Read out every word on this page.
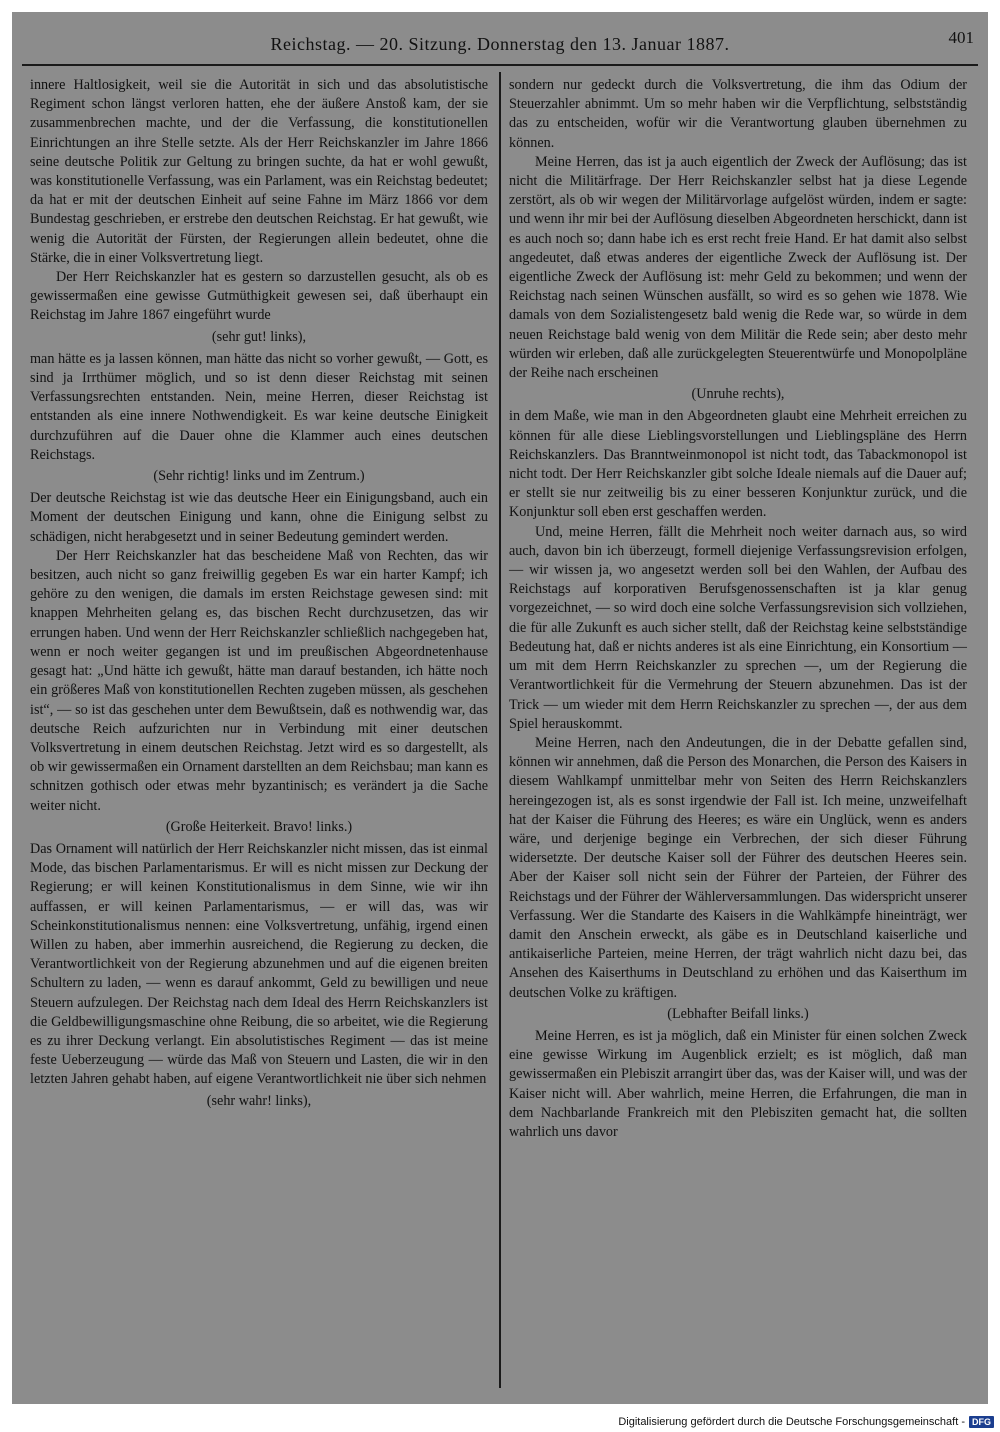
Reichstag. — 20. Sitzung. Donnerstag den 13. Januar 1887.	401

innere Haltlosigkeit, weil sie die Autorität in sich und das absolutistische Regiment schon längst verloren hatten, ehe der äußere Anstoß kam, der sie zusammenbrechen machte, und der die Verfassung, die konstitutionellen Einrichtungen an ihre Stelle setzte. Als der Herr Reichskanzler im Jahre 1866 seine deutsche Politik zur Geltung zu bringen suchte, da hat er wohl gewußt, was konstitutionelle Verfassung, was ein Parlament, was ein Reichstag bedeutet; da hat er mit der deutschen Einheit auf seine Fahne im März 1866 vor dem Bundestag geschrieben, er erstrebe den deutschen Reichstag. Er hat gewußt, wie wenig die Autorität der Fürsten, der Regierungen allein bedeutet, ohne die Stärke, die in einer Volksvertretung liegt.

Der Herr Reichskanzler hat es gestern so darzustellen gesucht, als ob es gewissermaßen eine gewisse Gutmüthigkeit gewesen sei, daß überhaupt ein Reichstag im Jahre 1867 eingeführt wurde

(sehr gut! links),

man hätte es ja lassen können, man hätte das nicht so vorher gewußt, — Gott, es sind ja Irrthümer möglich, und so ist denn dieser Reichstag mit seinen Verfassungsrechten entstanden. Nein, meine Herren, dieser Reichstag ist entstanden als eine innere Nothwendigkeit. Es war keine deutsche Einigkeit durchzuführen auf die Dauer ohne die Klammer auch eines deutschen Reichstags.

(Sehr richtig! links und im Zentrum.)

Der deutsche Reichstag ist wie das deutsche Heer ein Einigungsband, auch ein Moment der deutschen Einigung und kann, ohne die Einigung selbst zu schädigen, nicht herabgesetzt und in seiner Bedeutung gemindert werden.

Der Herr Reichskanzler hat das bescheidene Maß von Rechten, das wir besitzen, auch nicht so ganz freiwillig gegeben Es war ein harter Kampf; ich gehöre zu den wenigen, die damals im ersten Reichstage gewesen sind: mit knappen Mehrheiten gelang es, das bischen Recht durchzusetzen, das wir errungen haben. Und wenn der Herr Reichskanzler schließlich nachgegeben hat, wenn er noch weiter gegangen ist und im preußischen Abgeordnetenhause gesagt hat: „Und hätte ich gewußt, hätte man darauf bestanden, ich hätte noch ein größeres Maß von konstitutionellen Rechten zugeben müssen, als geschehen ist“, — so ist das geschehen unter dem Bewußtsein, daß es nothwendig war, das deutsche Reich aufzurichten nur in Verbindung mit einer deutschen Volksvertretung in einem deutschen Reichstag. Jetzt wird es so dargestellt, als ob wir gewissermaßen ein Ornament darstellten an dem Reichsbau; man kann es schnitzen gothisch oder etwas mehr byzantinisch; es verändert ja die Sache weiter nicht.

(Große Heiterkeit. Bravo! links.)

Das Ornament will natürlich der Herr Reichskanzler nicht missen, das ist einmal Mode, das bischen Parlamentarismus. Er will es nicht missen zur Deckung der Regierung; er will keinen Konstitutionalismus in dem Sinne, wie wir ihn auffassen, er will keinen Parlamentarismus, — er will das, was wir Scheinkonstitutionalismus nennen: eine Volksvertretung, unfähig, irgend einen Willen zu haben, aber immerhin ausreichend, die Regierung zu decken, die Verantwortlichkeit von der Regierung abzunehmen und auf die eigenen breiten Schultern zu laden, — wenn es darauf ankommt, Geld zu bewilligen und neue Steuern aufzulegen. Der Reichstag nach dem Ideal des Herrn Reichskanzlers ist die Geldbewilligungsmaschine ohne Reibung, die so arbeitet, wie die Regierung es zu ihrer Deckung verlangt. Ein absolutistisches Regiment — das ist meine feste Ueberzeugung — würde das Maß von Steuern und Lasten, die wir in den letzten Jahren gehabt haben, auf eigene Verantwortlichkeit nie über sich nehmen

(sehr wahr! links),

sondern nur gedeckt durch die Volksvertretung, die ihm das Odium der Steuerzahler abnimmt. Um so mehr haben wir die Verpflichtung, selbstständig das zu entscheiden, wofür wir die Verantwortung glauben übernehmen zu können.

Meine Herren, das ist ja auch eigentlich der Zweck der Auflösung; das ist nicht die Militärfrage. Der Herr Reichskanzler selbst hat ja diese Legende zerstört, als ob wir wegen der Militärvorlage aufgelöst würden, indem er sagte: und wenn ihr mir bei der Auflösung dieselben Abgeordneten herschickt, dann ist es auch noch so; dann habe ich es erst recht freie Hand. Er hat damit also selbst angedeutet, daß etwas anderes der eigentliche Zweck der Auflösung ist. Der eigentliche Zweck der Auflösung ist: mehr Geld zu bekommen; und wenn der Reichstag nach seinen Wünschen ausfällt, so wird es so gehen wie 1878. Wie damals von dem Sozialistengesetz bald wenig die Rede war, so würde in dem neuen Reichstage bald wenig von dem Militär die Rede sein; aber desto mehr würden wir erleben, daß alle zurückgelegten Steuerentwürfe und Monopolpläne der Reihe nach erscheinen

(Unruhe rechts),

in dem Maße, wie man in den Abgeordneten glaubt eine Mehrheit erreichen zu können für alle diese Lieblingsvorstellungen und Lieblingspläne des Herrn Reichskanzlers. Das Branntweinmonopol ist nicht todt, das Tabackmonopol ist nicht todt. Der Herr Reichskanzler gibt solche Ideale niemals auf die Dauer auf; er stellt sie nur zeitweilig bis zu einer besseren Konjunktur zurück, und die Konjunktur soll eben erst geschaffen werden.

Und, meine Herren, fällt die Mehrheit noch weiter darnach aus, so wird auch, davon bin ich überzeugt, formell diejenige Verfassungsrevision erfolgen, — wir wissen ja, wo angesetzt werden soll bei den Wahlen, der Aufbau des Reichstags auf korporativen Berufsgenossenschaften ist ja klar genug vorgezeichnet, — so wird doch eine solche Verfassungsrevision sich vollziehen, die für alle Zukunft es auch sicher stellt, daß der Reichstag keine selbstständige Bedeutung hat, daß er nichts anderes ist als eine Einrichtung, ein Konsortium — um mit dem Herrn Reichskanzler zu sprechen —, um der Regierung die Verantwortlichkeit für die Vermehrung der Steuern abzunehmen. Das ist der Trick — um wieder mit dem Herrn Reichskanzler zu sprechen —, der aus dem Spiel herauskommt.

Meine Herren, nach den Andeutungen, die in der Debatte gefallen sind, können wir annehmen, daß die Person des Monarchen, die Person des Kaisers in diesem Wahlkampf unmittelbar mehr von Seiten des Herrn Reichskanzlers hereingezogen ist, als es sonst irgendwie der Fall ist. Ich meine, unzweifelhaft hat der Kaiser die Führung des Heeres; es wäre ein Unglück, wenn es anders wäre, und derjenige beginge ein Verbrechen, der sich dieser Führung widersetzte. Der deutsche Kaiser soll der Führer des deutschen Heeres sein. Aber der Kaiser soll nicht sein der Führer der Parteien, der Führer des Reichstags und der Führer der Wählerversammlungen. Das widerspricht unserer Verfassung. Wer die Standarte des Kaisers in die Wahlkämpfe hineinträgt, wer damit den Anschein erweckt, als gäbe es in Deutschland kaiserliche und antikaiserliche Parteien, meine Herren, der trägt wahrlich nicht dazu bei, das Ansehen des Kaiserthums in Deutschland zu erhöhen und das Kaiserthum im deutschen Volke zu kräftigen.

(Lebhafter Beifall links.)

Meine Herren, es ist ja möglich, daß ein Minister für einen solchen Zweck eine gewisse Wirkung im Augenblick erzielt; es ist möglich, daß man gewissermaßen ein Plebiszit arrangirt über das, was der Kaiser will, und was der Kaiser nicht will. Aber wahrlich, meine Herren, die Erfahrungen, die man in dem Nachbarlande Frankreich mit den Plebisziten gemacht hat, die sollten wahrlich uns davor

Digitalisierung gefördert durch die Deutsche Forschungsgemeinschaft - DFG
